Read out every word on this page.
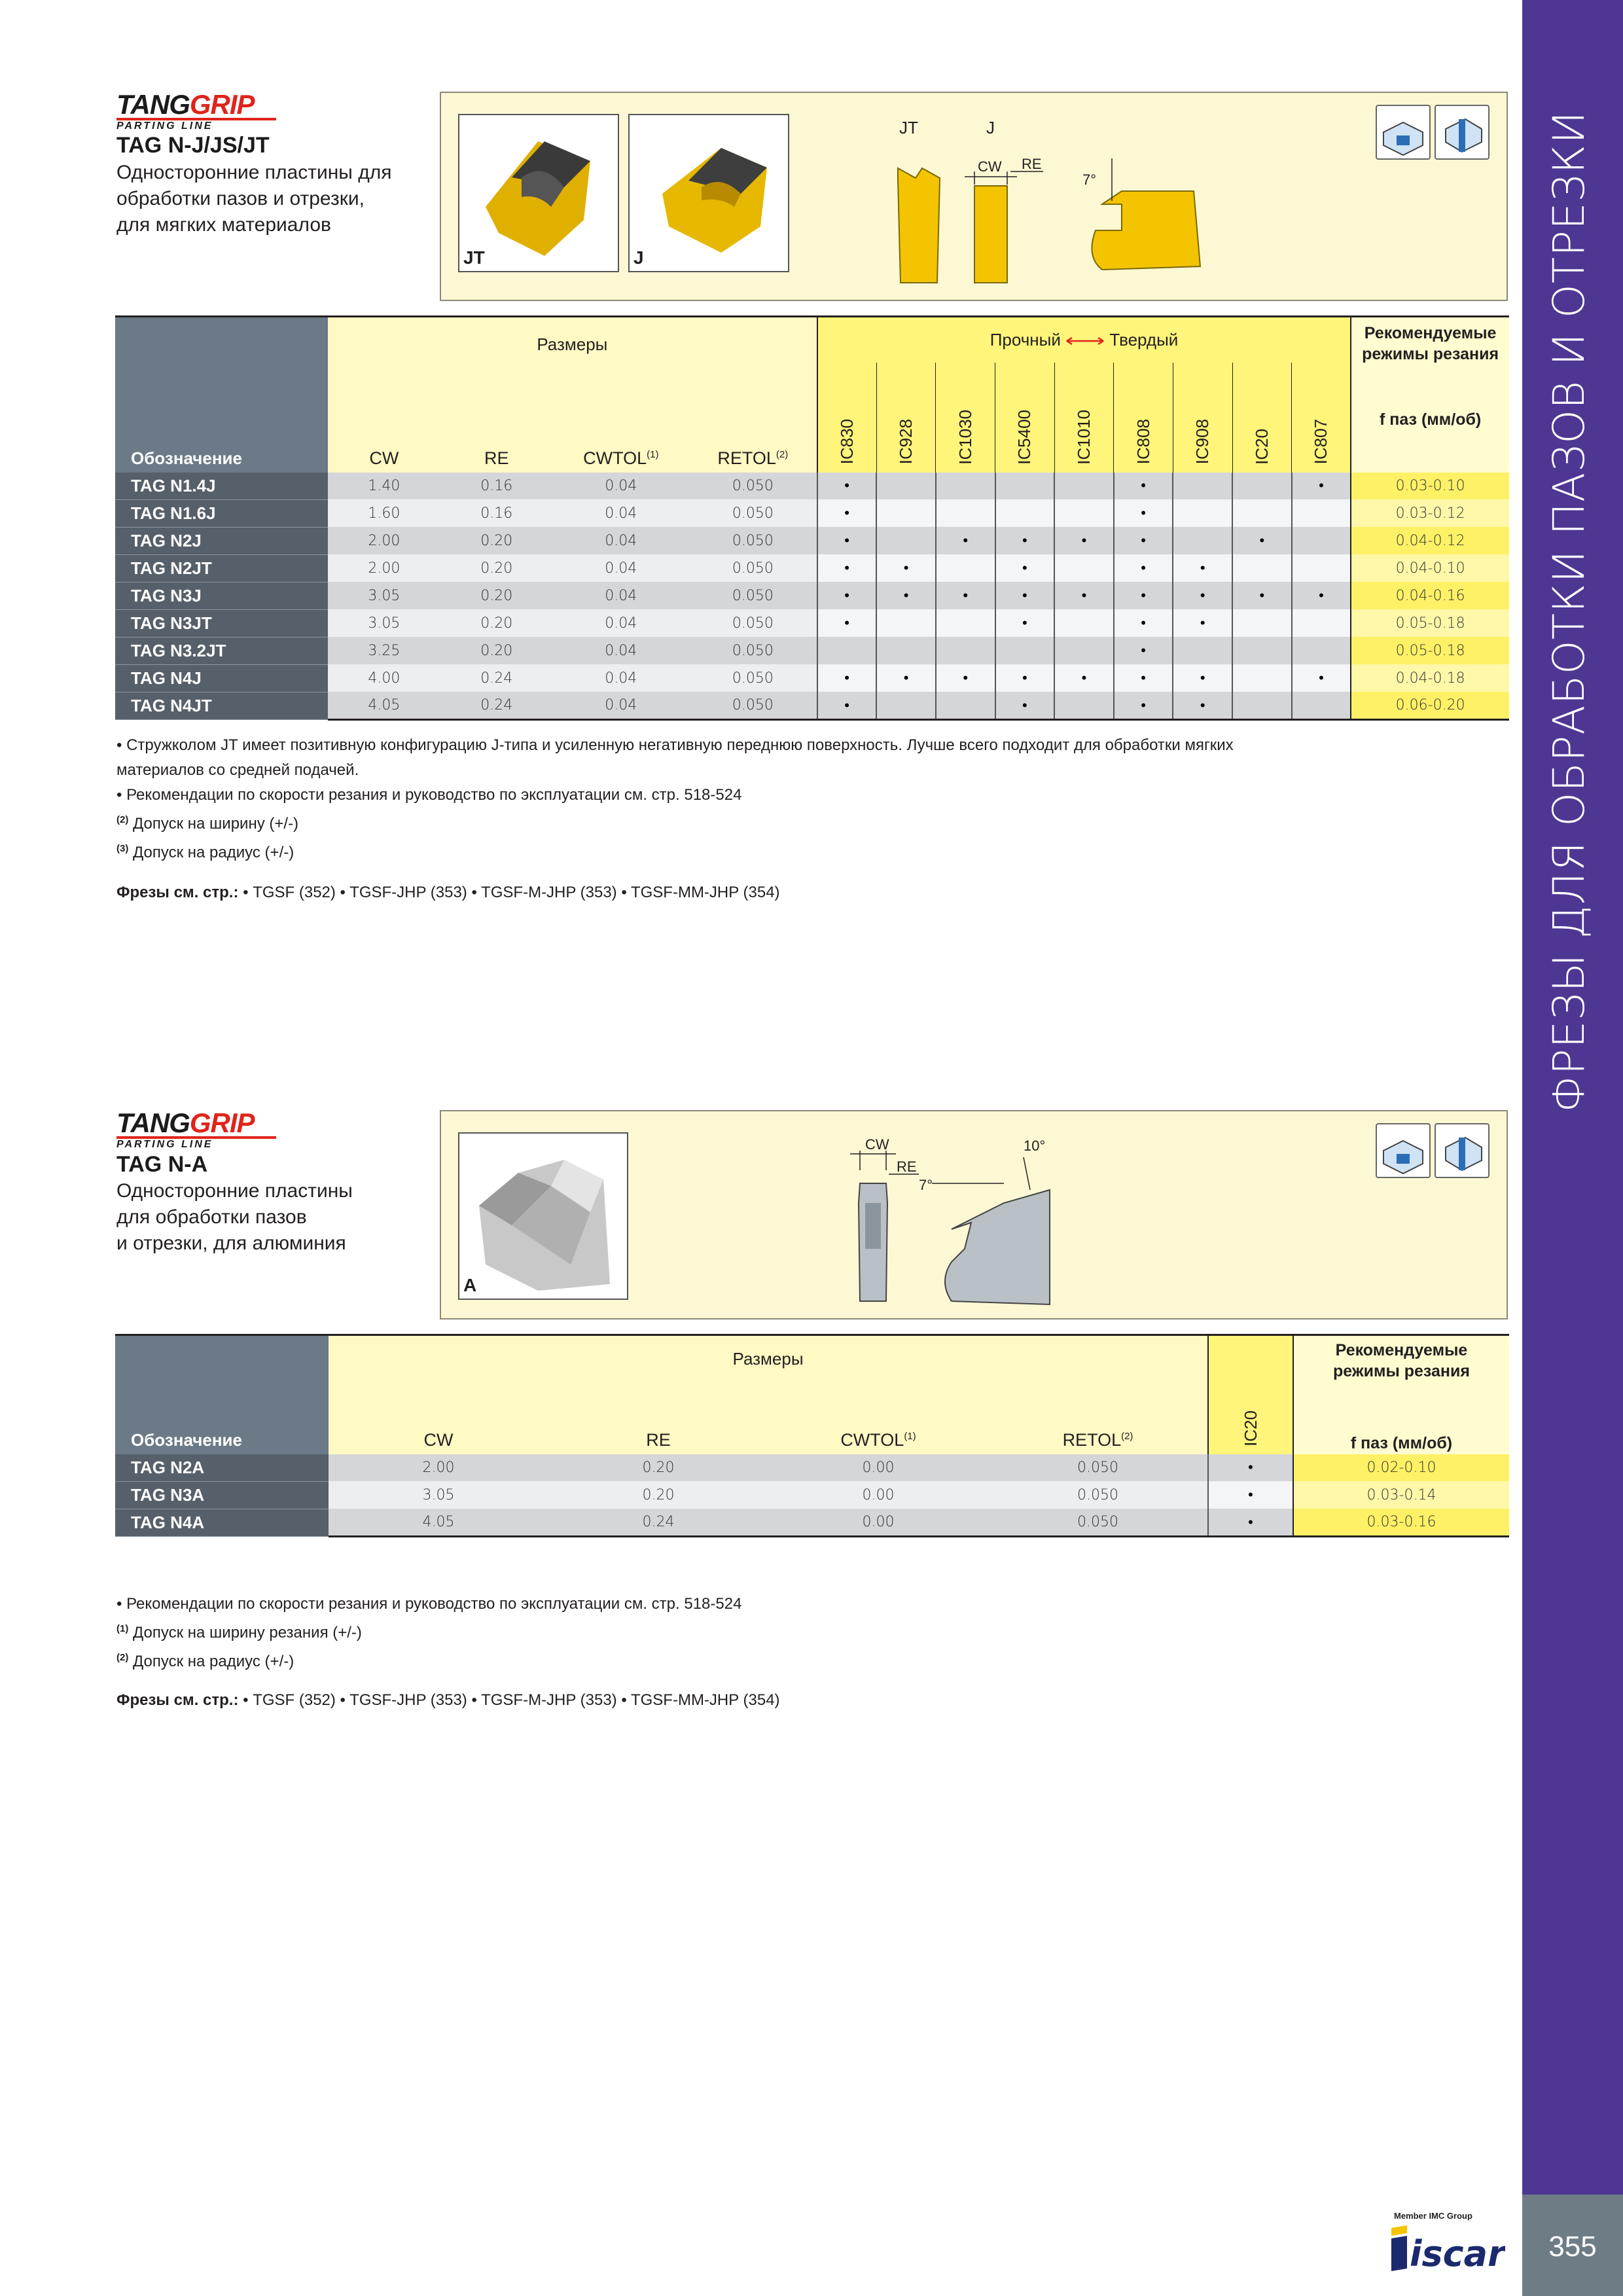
ФРЕЗЫ ДЛЯ ОБРАБОТКИ ПАЗОВ И ОТРЕЗКИ
355
Member IMC Group
iscar
TANGGRIP
PARTING LINE
TAG N-J/JS/JT
Односторонние пластины для
обработки пазов и отрезки,
для мягких материалов
JT	J
JT	J
CW RE
7°
Обозначение	Размеры				Прочный Твердый									Рекомендуемые режимы резания
f паз (мм/об)

	CW	RE	CWTOL$^{(1)}$	RETOL$^{(2)}$	IC830	IC928	IC1030	IC5400	IC1010	IC808	IC908	IC20	IC807	
TAG N1.4J	1.40	0.16	0.04	0.050	•					•			•	0.03-0.10
TAG N1.6J	1.60	0.16	0.04	0.050	•					•				0.03-0.12
TAG N2J	2.00	0.20	0.04	0.050	•		•	•	•	•		•		0.04-0.12
TAG N2JT	2.00	0.20	0.04	0.050	•	•		•		•	•			0.04-0.10
TAG N3J	3.05	0.20	0.04	0.050	•	•	•	•	•	•	•	•	•	0.04-0.16
TAG N3JT	3.05	0.20	0.04	0.050	•			•		•	•			0.05-0.18
TAG N3.2JT	3.25	0.20	0.04	0.050						•				0.05-0.18
TAG N4J	4.00	0.24	0.04	0.050	•	•	•	•	•	•	•		•	0.04-0.18
TAG N4JT	4.05	0.24	0.04	0.050	•			•		•	•			0.06-0.20
• Стружколом JT имеет позитивную конфигурацию J-типа и усиленную негативную переднюю поверхность. Лучше всего подходит для обработки мягких
материалов со средней подачей.
• Рекомендации по скорости резания и руководство по эксплуатации см. стр. 518-524
$^{(2)}$ Допуск на ширину (+/-)
$^{(3)}$ Допуск на радиус (+/-)
Фрезы см. стр.: • TGSF (352) • TGSF-JHP (353) • TGSF-M-JHP (353) • TGSF-MM-JHP (354)
TANGGRIP
PARTING LINE
TAG N-A
Односторонние пластины
для обработки пазов
и отрезки, для алюминия
A
CW
RE
10°
7°
Обозначение	Размеры				IC20	Рекомендуемые режимы резания
f паз (мм/об)

	CW	RE	CWTOL$^{(1)}$	RETOL$^{(2)}$
TAG N2A	2.00	0.20	0.00	0.050	•	0.02-0.10
TAG N3A	3.05	0.20	0.00	0.050	•	0.03-0.14
TAG N4A	4.05	0.24	0.00	0.050	•	0.03-0.16
• Рекомендации по скорости резания и руководство по эксплуатации см. стр. 518-524
$^{(1)}$ Допуск на ширину резания (+/-)
$^{(2)}$ Допуск на радиус (+/-)
Фрезы см. стр.: • TGSF (352) • TGSF-JHP (353) • TGSF-M-JHP (353) • TGSF-MM-JHP (354)
